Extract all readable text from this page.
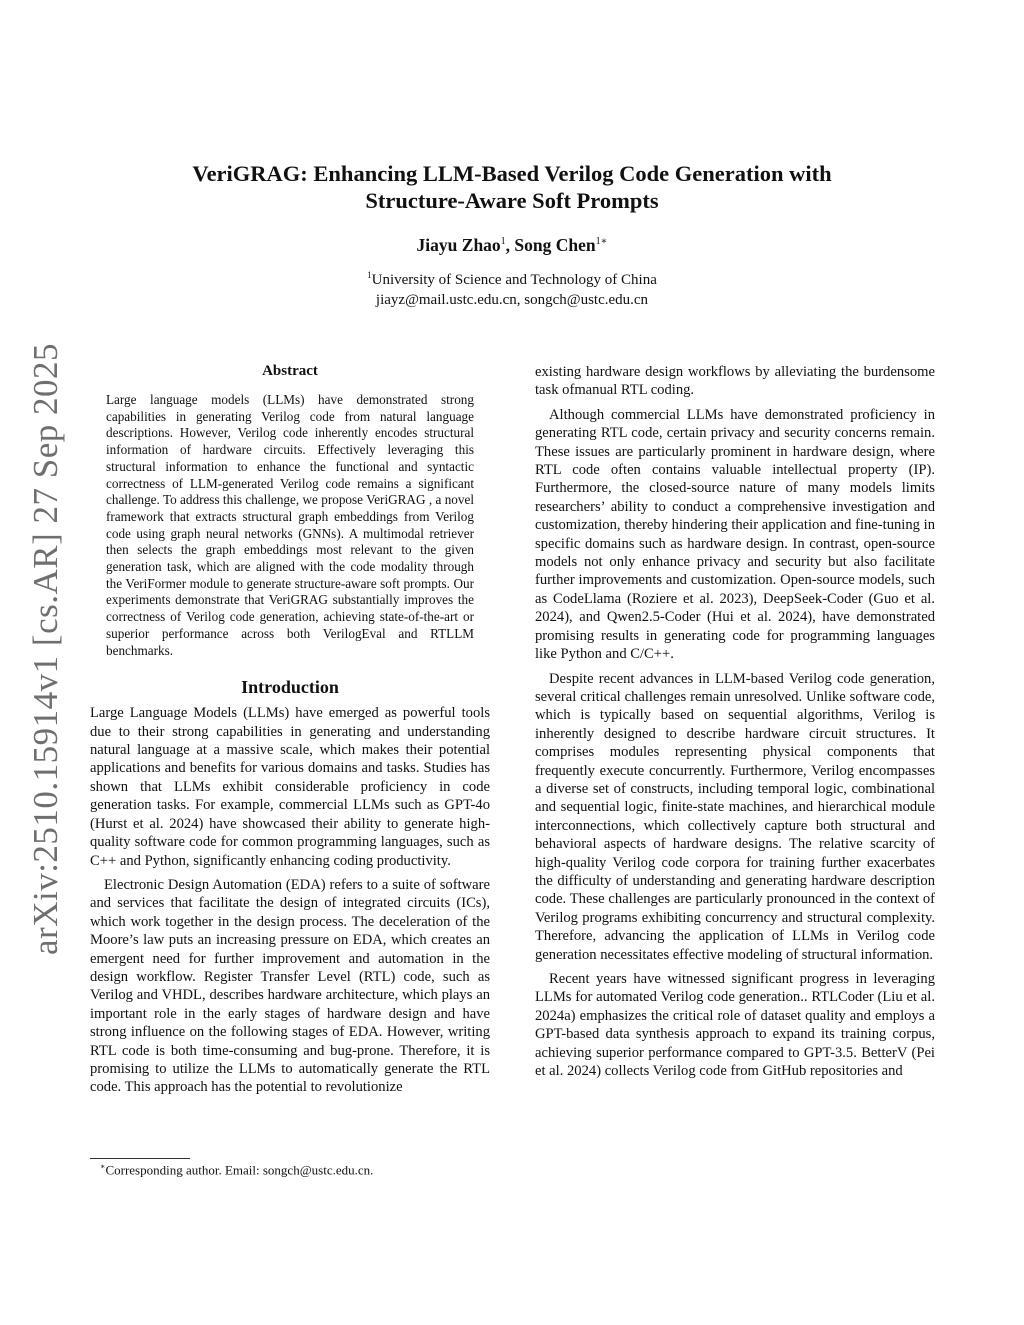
arXiv:2510.15914v1 [cs.AR] 27 Sep 2025
VeriGRAG: Enhancing LLM-Based Verilog Code Generation with
Structure-Aware Soft Prompts
Jiayu Zhao$^1$, Song Chen$^{1∗}$
$^1$University of Science and Technology of China
jiayz@mail.ustc.edu.cn, songch@ustc.edu.cn
Abstract
Large language models (LLMs) have demonstrated strong capabilities in generating Verilog code from natural language descriptions. However, Verilog code inherently encodes structural information of hardware circuits. Effectively leveraging this structural information to enhance the functional and syntactic correctness of LLM-generated Verilog code remains a significant challenge. To address this challenge, we propose VeriGRAG , a novel framework that extracts structural graph embeddings from Verilog code using graph neural networks (GNNs). A multimodal retriever then selects the graph embeddings most relevant to the given generation task, which are aligned with the code modality through the VeriFormer module to generate structure-aware soft prompts. Our experiments demonstrate that VeriGRAG substantially improves the correctness of Verilog code generation, achieving state-of-the-art or superior performance across both VerilogEval and RTLLM benchmarks.
Introduction

Large Language Models (LLMs) have emerged as powerful tools due to their strong capabilities in generating and understanding natural language at a massive scale, which makes their potential applications and benefits for various domains and tasks. Studies has shown that LLMs exhibit considerable proficiency in code generation tasks. For example, commercial LLMs such as GPT-4o (Hurst et al. 2024) have showcased their ability to generate high-quality software code for common programming languages, such as C++ and Python, significantly enhancing coding productivity.

Electronic Design Automation (EDA) refers to a suite of software and services that facilitate the design of integrated circuits (ICs), which work together in the design process. The deceleration of the Moore’s law puts an increasing pressure on EDA, which creates an emergent need for further improvement and automation in the design workflow. Register Transfer Level (RTL) code, such as Verilog and VHDL, describes hardware architecture, which plays an important role in the early stages of hardware design and have strong influence on the following stages of EDA. However, writing RTL code is both time-consuming and bug-prone. Therefore, it is promising to utilize the LLMs to automatically generate the RTL code. This approach has the potential to revolutionize

∗Corresponding author. Email: songch@ustc.edu.cn.

existing hardware design workflows by alleviating the burdensome task ofmanual RTL coding.

Although commercial LLMs have demonstrated proficiency in generating RTL code, certain privacy and security concerns remain. These issues are particularly prominent in hardware design, where RTL code often contains valuable intellectual property (IP). Furthermore, the closed-source nature of many models limits researchers’ ability to conduct a comprehensive investigation and customization, thereby hindering their application and fine-tuning in specific domains such as hardware design. In contrast, open-source models not only enhance privacy and security but also facilitate further improvements and customization. Open-source models, such as CodeLlama (Roziere et al. 2023), DeepSeek-Coder (Guo et al. 2024), and Qwen2.5-Coder (Hui et al. 2024), have demonstrated promising results in generating code for programming languages like Python and C/C++.

Despite recent advances in LLM-based Verilog code generation, several critical challenges remain unresolved. Unlike software code, which is typically based on sequential algorithms, Verilog is inherently designed to describe hardware circuit structures. It comprises modules representing physical components that frequently execute concurrently. Furthermore, Verilog encompasses a diverse set of constructs, including temporal logic, combinational and sequential logic, finite-state machines, and hierarchical module interconnections, which collectively capture both structural and behavioral aspects of hardware designs. The relative scarcity of high-quality Verilog code corpora for training further exacerbates the difficulty of understanding and generating hardware description code. These challenges are particularly pronounced in the context of Verilog programs exhibiting concurrency and structural complexity. Therefore, advancing the application of LLMs in Verilog code generation necessitates effective modeling of structural information.

Recent years have witnessed significant progress in leveraging LLMs for automated Verilog code generation.. RTLCoder (Liu et al. 2024a) emphasizes the critical role of dataset quality and employs a GPT-based data synthesis approach to expand its training corpus, achieving superior performance compared to GPT-3.5. BetterV (Pei et al. 2024) collects Verilog code from GitHub repositories and
